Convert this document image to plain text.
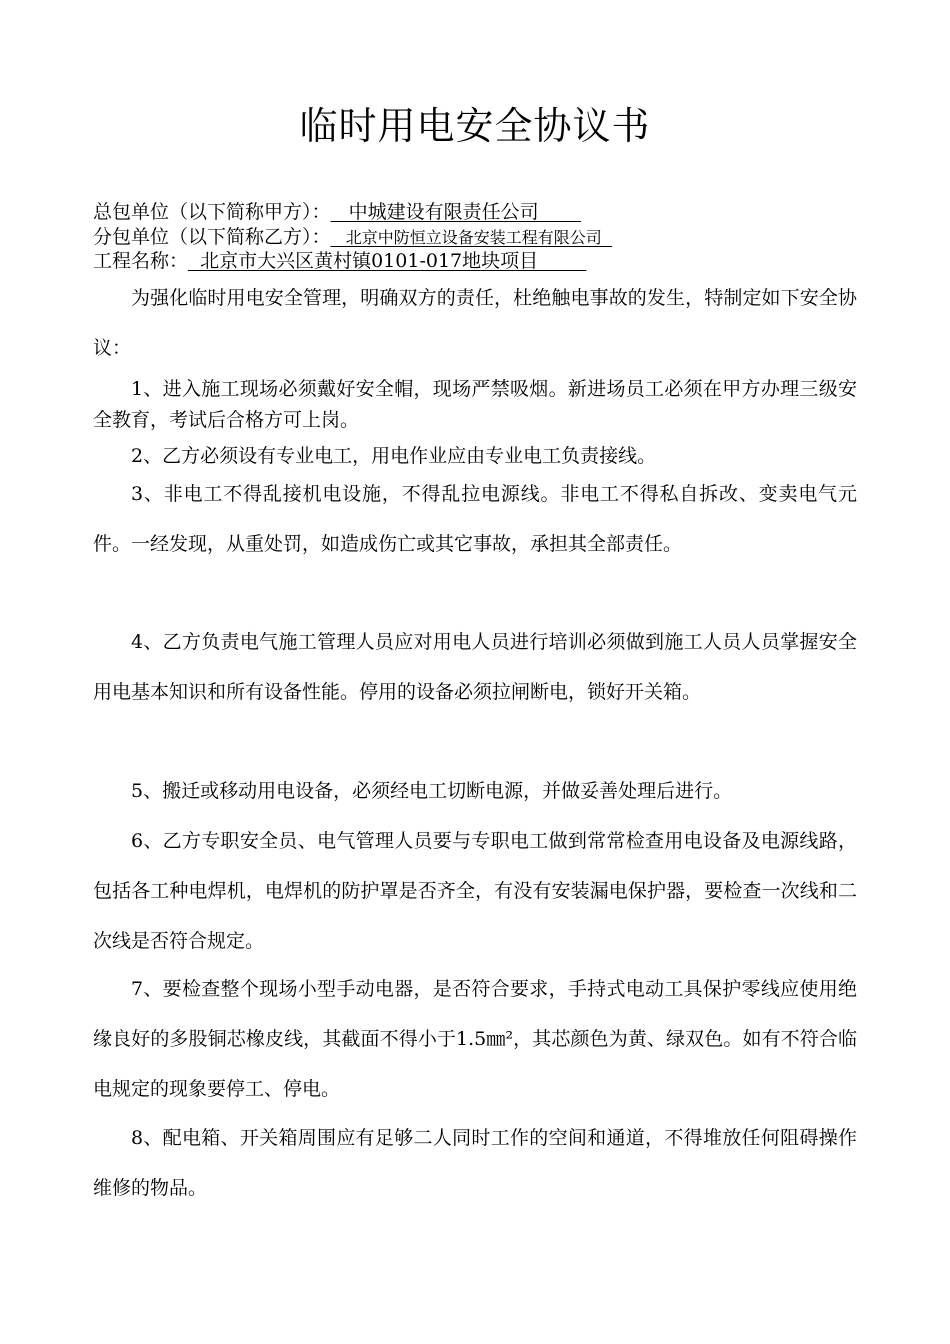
临时用电安全协议书
总包单位（以下简称甲方）：   中城建设有限责任公司
分包单位（以下简称乙方）：   北京中防恒立设备安装工程有限公司
工程名称：  北京市大兴区黄村镇0101-017地块项目
为强化临时用电安全管理，明确双方的责任，杜绝触电事故的发生，特制定如下安全协议：
1、进入施工现场必须戴好安全帽，现场严禁吸烟。新进场员工必须在甲方办理三级安全教育，考试后合格方可上岗。
2、乙方必须设有专业电工，用电作业应由专业电工负责接线。
3、非电工不得乱接机电设施，不得乱拉电源线。非电工不得私自拆改、变卖电气元件。一经发现，从重处罚，如造成伤亡或其它事故，承担其全部责任。
4、乙方负责电气施工管理人员应对用电人员进行培训必须做到施工人员人员掌握安全用电基本知识和所有设备性能。停用的设备必须拉闸断电，锁好开关箱。
5、搬迁或移动用电设备，必须经电工切断电源，并做妥善处理后进行。
6、乙方专职安全员、电气管理人员要与专职电工做到常常检查用电设备及电源线路，包括各工种电焊机，电焊机的防护罩是否齐全，有没有安装漏电保护器，要检查一次线和二次线是否符合规定。
7、要检查整个现场小型手动电器，是否符合要求，手持式电动工具保护零线应使用绝缘良好的多股铜芯橡皮线，其截面不得小于1.5㎜²，其芯颜色为黄、绿双色。如有不符合临电规定的现象要停工、停电。
8、配电箱、开关箱周围应有足够二人同时工作的空间和通道，不得堆放任何阻碍操作维修的物品。
